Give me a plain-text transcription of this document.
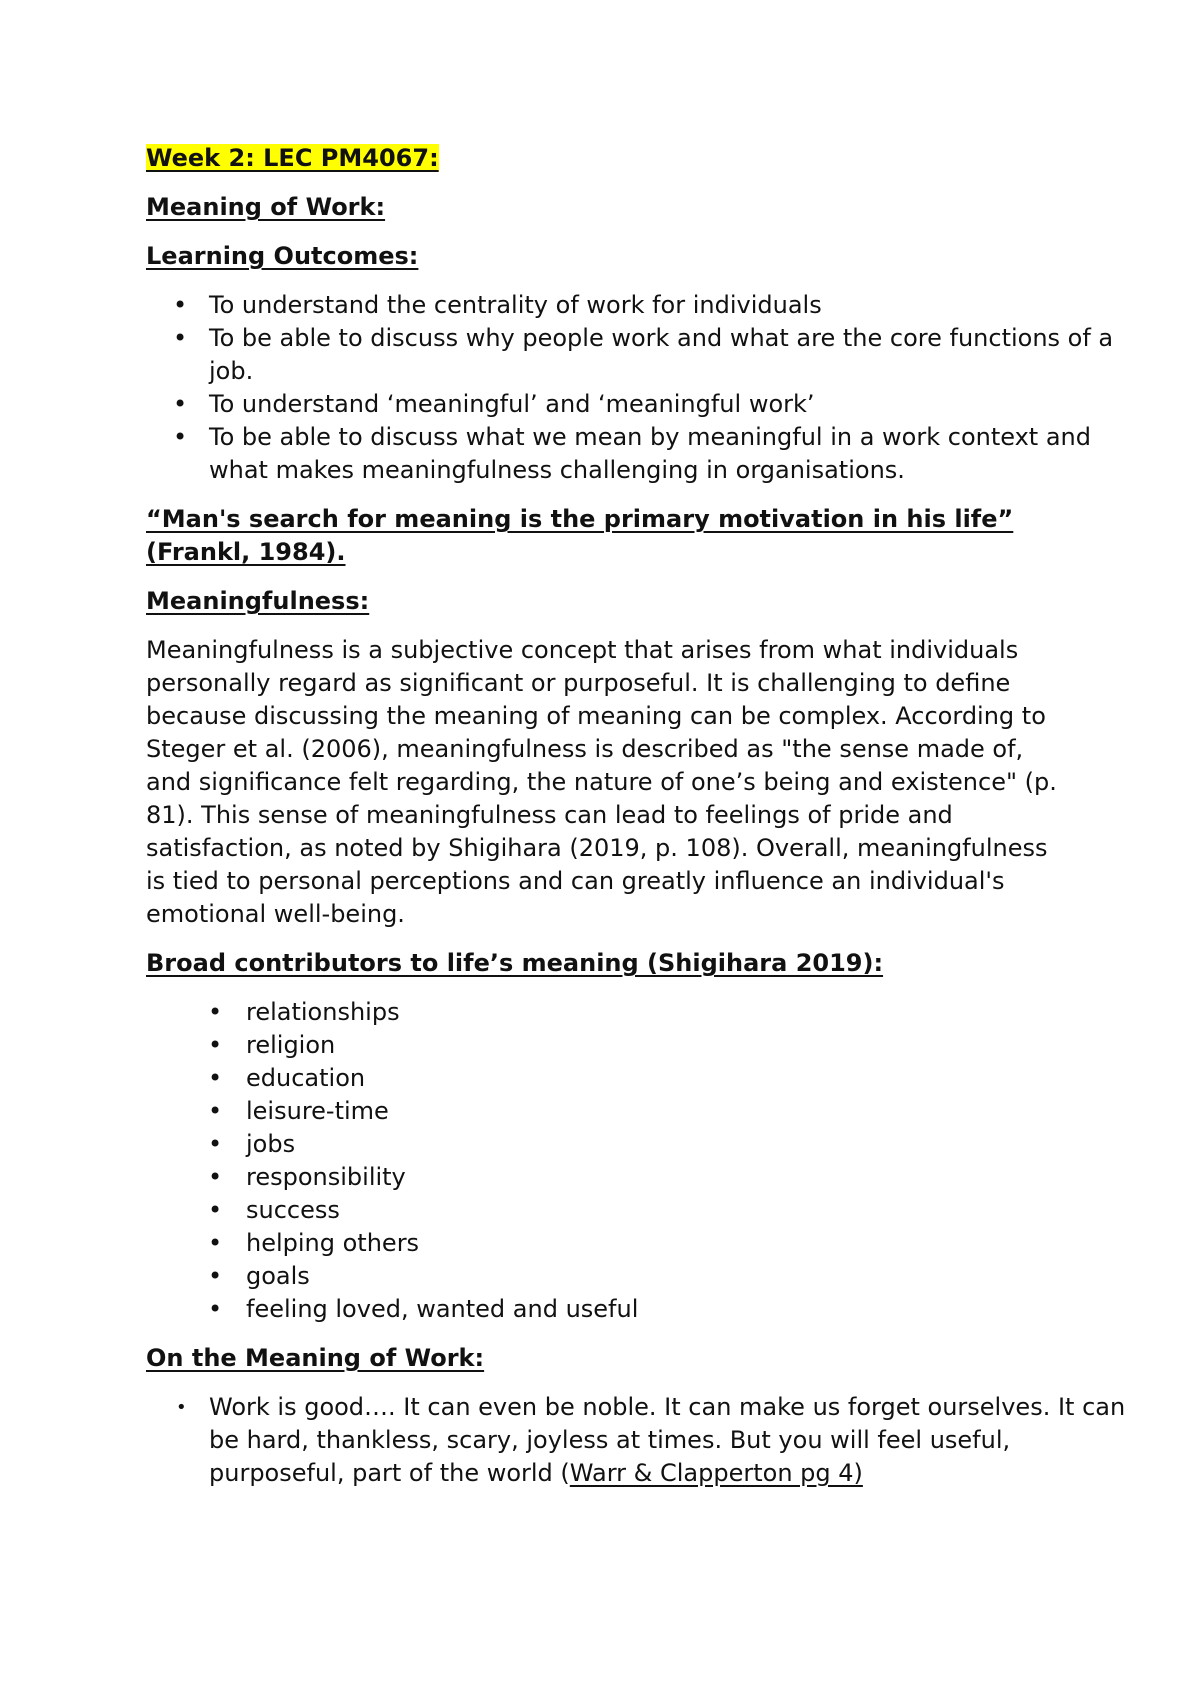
Week 2: LEC PM4067:

Meaning of Work:

Learning Outcomes:

• To understand the centrality of work for individuals
• To be able to discuss why people work and what are the core functions of a job.
• To understand ‘meaningful’ and ‘meaningful work’
• To be able to discuss what we mean by meaningful in a work context and what makes meaningfulness challenging in organisations.

“Man's search for meaning is the primary motivation in his life” (Frankl, 1984).

Meaningfulness:

Meaningfulness is a subjective concept that arises from what individuals personally regard as significant or purposeful. It is challenging to define because discussing the meaning of meaning can be complex. According to Steger et al. (2006), meaningfulness is described as "the sense made of, and significance felt regarding, the nature of one’s being and existence" (p. 81). This sense of meaningfulness can lead to feelings of pride and satisfaction, as noted by Shigihara (2019, p. 108). Overall, meaningfulness is tied to personal perceptions and can greatly influence an individual's emotional well-being.

Broad contributors to life’s meaning (Shigihara 2019):

• relationships
• religion
• education
• leisure-time
• jobs
• responsibility
• success
• helping others
• goals
• feeling loved, wanted and useful

On the Meaning of Work:

• Work is good…. It can even be noble. It can make us forget ourselves. It can be hard, thankless, scary, joyless at times. But you will feel useful, purposeful, part of the world (Warr & Clapperton pg 4)
